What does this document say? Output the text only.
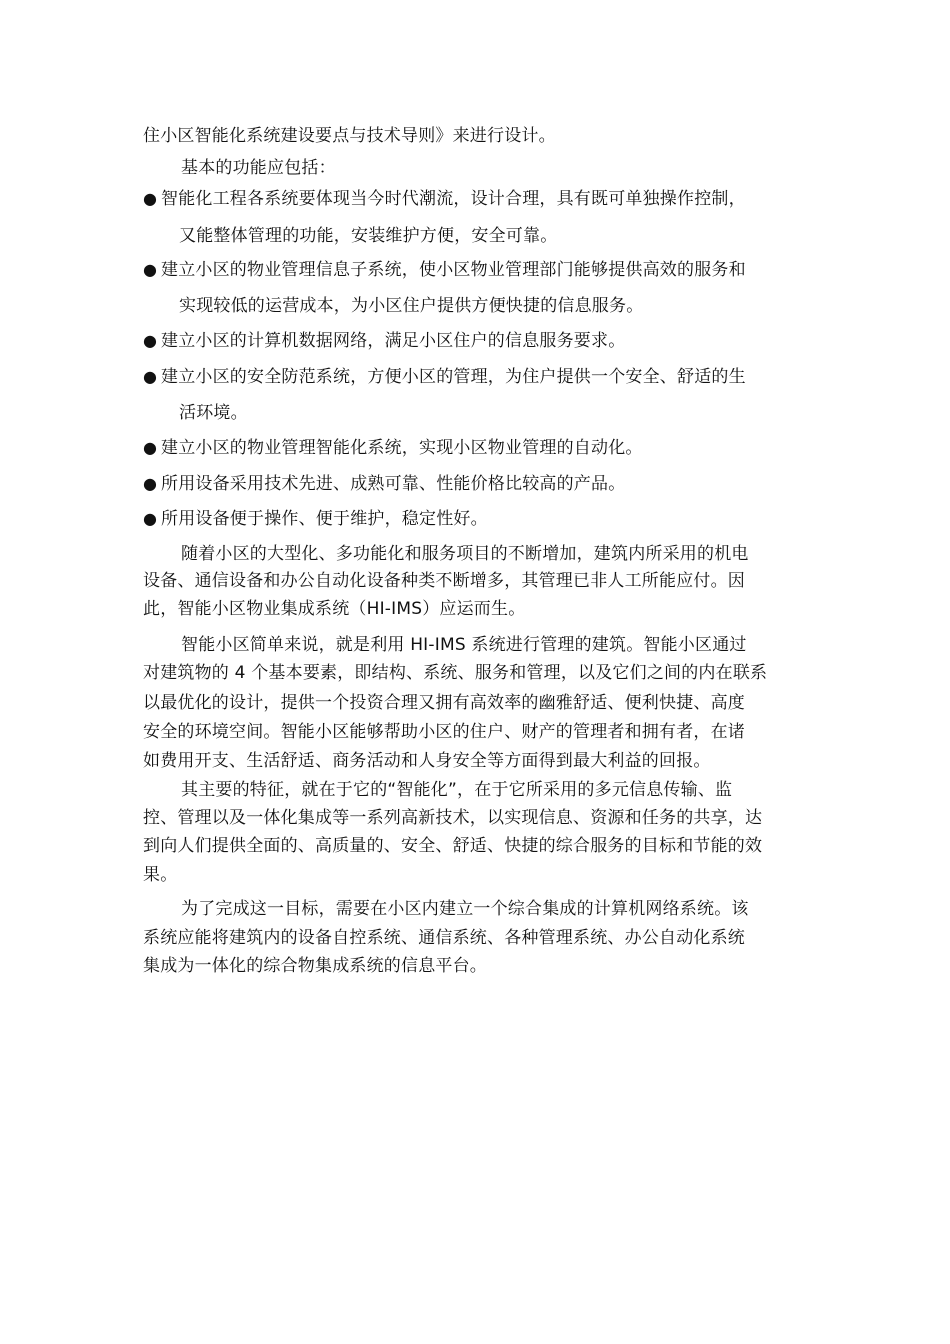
住小区智能化系统建设要点与技术导则》来进行设计。
基本的功能应包括：
● 智能化工程各系统要体现当今时代潮流，设计合理，具有既可单独操作控制，
又能整体管理的功能，安装维护方便，安全可靠。
● 建立小区的物业管理信息子系统，使小区物业管理部门能够提供高效的服务和
实现较低的运营成本，为小区住户提供方便快捷的信息服务。
● 建立小区的计算机数据网络，满足小区住户的信息服务要求。
● 建立小区的安全防范系统，方便小区的管理，为住户提供一个安全、舒适的生
活环境。
● 建立小区的物业管理智能化系统，实现小区物业管理的自动化。
● 所用设备采用技术先进、成熟可靠、性能价格比较高的产品。
● 所用设备便于操作、便于维护，稳定性好。
随着小区的大型化、多功能化和服务项目的不断增加，建筑内所采用的机电
设备、通信设备和办公自动化设备种类不断增多，其管理已非人工所能应付。因
此，智能小区物业集成系统（HI-IMS）应运而生。
智能小区简单来说，就是利用 HI-IMS 系统进行管理的建筑。智能小区通过
对建筑物的 4 个基本要素，即结构、系统、服务和管理，以及它们之间的内在联系
以最优化的设计，提供一个投资合理又拥有高效率的幽雅舒适、便利快捷、高度
安全的环境空间。智能小区能够帮助小区的住户、财产的管理者和拥有者，在诸
如费用开支、生活舒适、商务活动和人身安全等方面得到最大利益的回报。
其主要的特征，就在于它的“智能化”，在于它所采用的多元信息传输、监
控、管理以及一体化集成等一系列高新技术，以实现信息、资源和任务的共享，达
到向人们提供全面的、高质量的、安全、舒适、快捷的综合服务的目标和节能的效
果。
为了完成这一目标，需要在小区内建立一个综合集成的计算机网络系统。该
系统应能将建筑内的设备自控系统、通信系统、各种管理系统、办公自动化系统
集成为一体化的综合物集成系统的信息平台。
